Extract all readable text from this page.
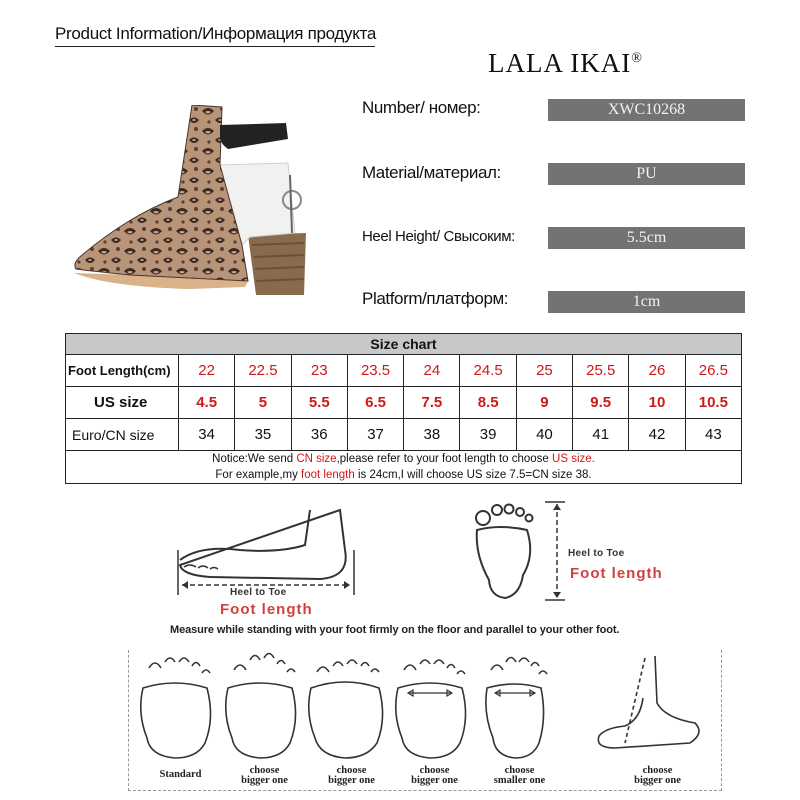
Product Information/Информация продукта
LALA IKAI®
Number/ номер:	XWC10268
Material/материал:	PU
Heel Height/ Свысоким:	5.5cm
Platform/платформ:	1cm
Size chart										
Foot Length(cm)	22	22.5	23	23.5	24	24.5	25	25.5	26	26.5
US size	4.5	5	5.5	6.5	7.5	8.5	9	9.5	10	10.5
Euro/CN size	34	35	36	37	38	39	40	41	42	43

Notice:We send CN size,please refer to your foot length to choose US size.
For example,my foot length is 24cm,I will choose US size 7.5=CN size 38.										
Heel to Toe
Foot length
Heel to Toe
Foot length
Measure while standing with your foot firmly on the floor and parallel to your other foot.
Standard	choose
bigger one
choose
bigger one
choose
bigger one
choose
smaller one
choose
bigger one
